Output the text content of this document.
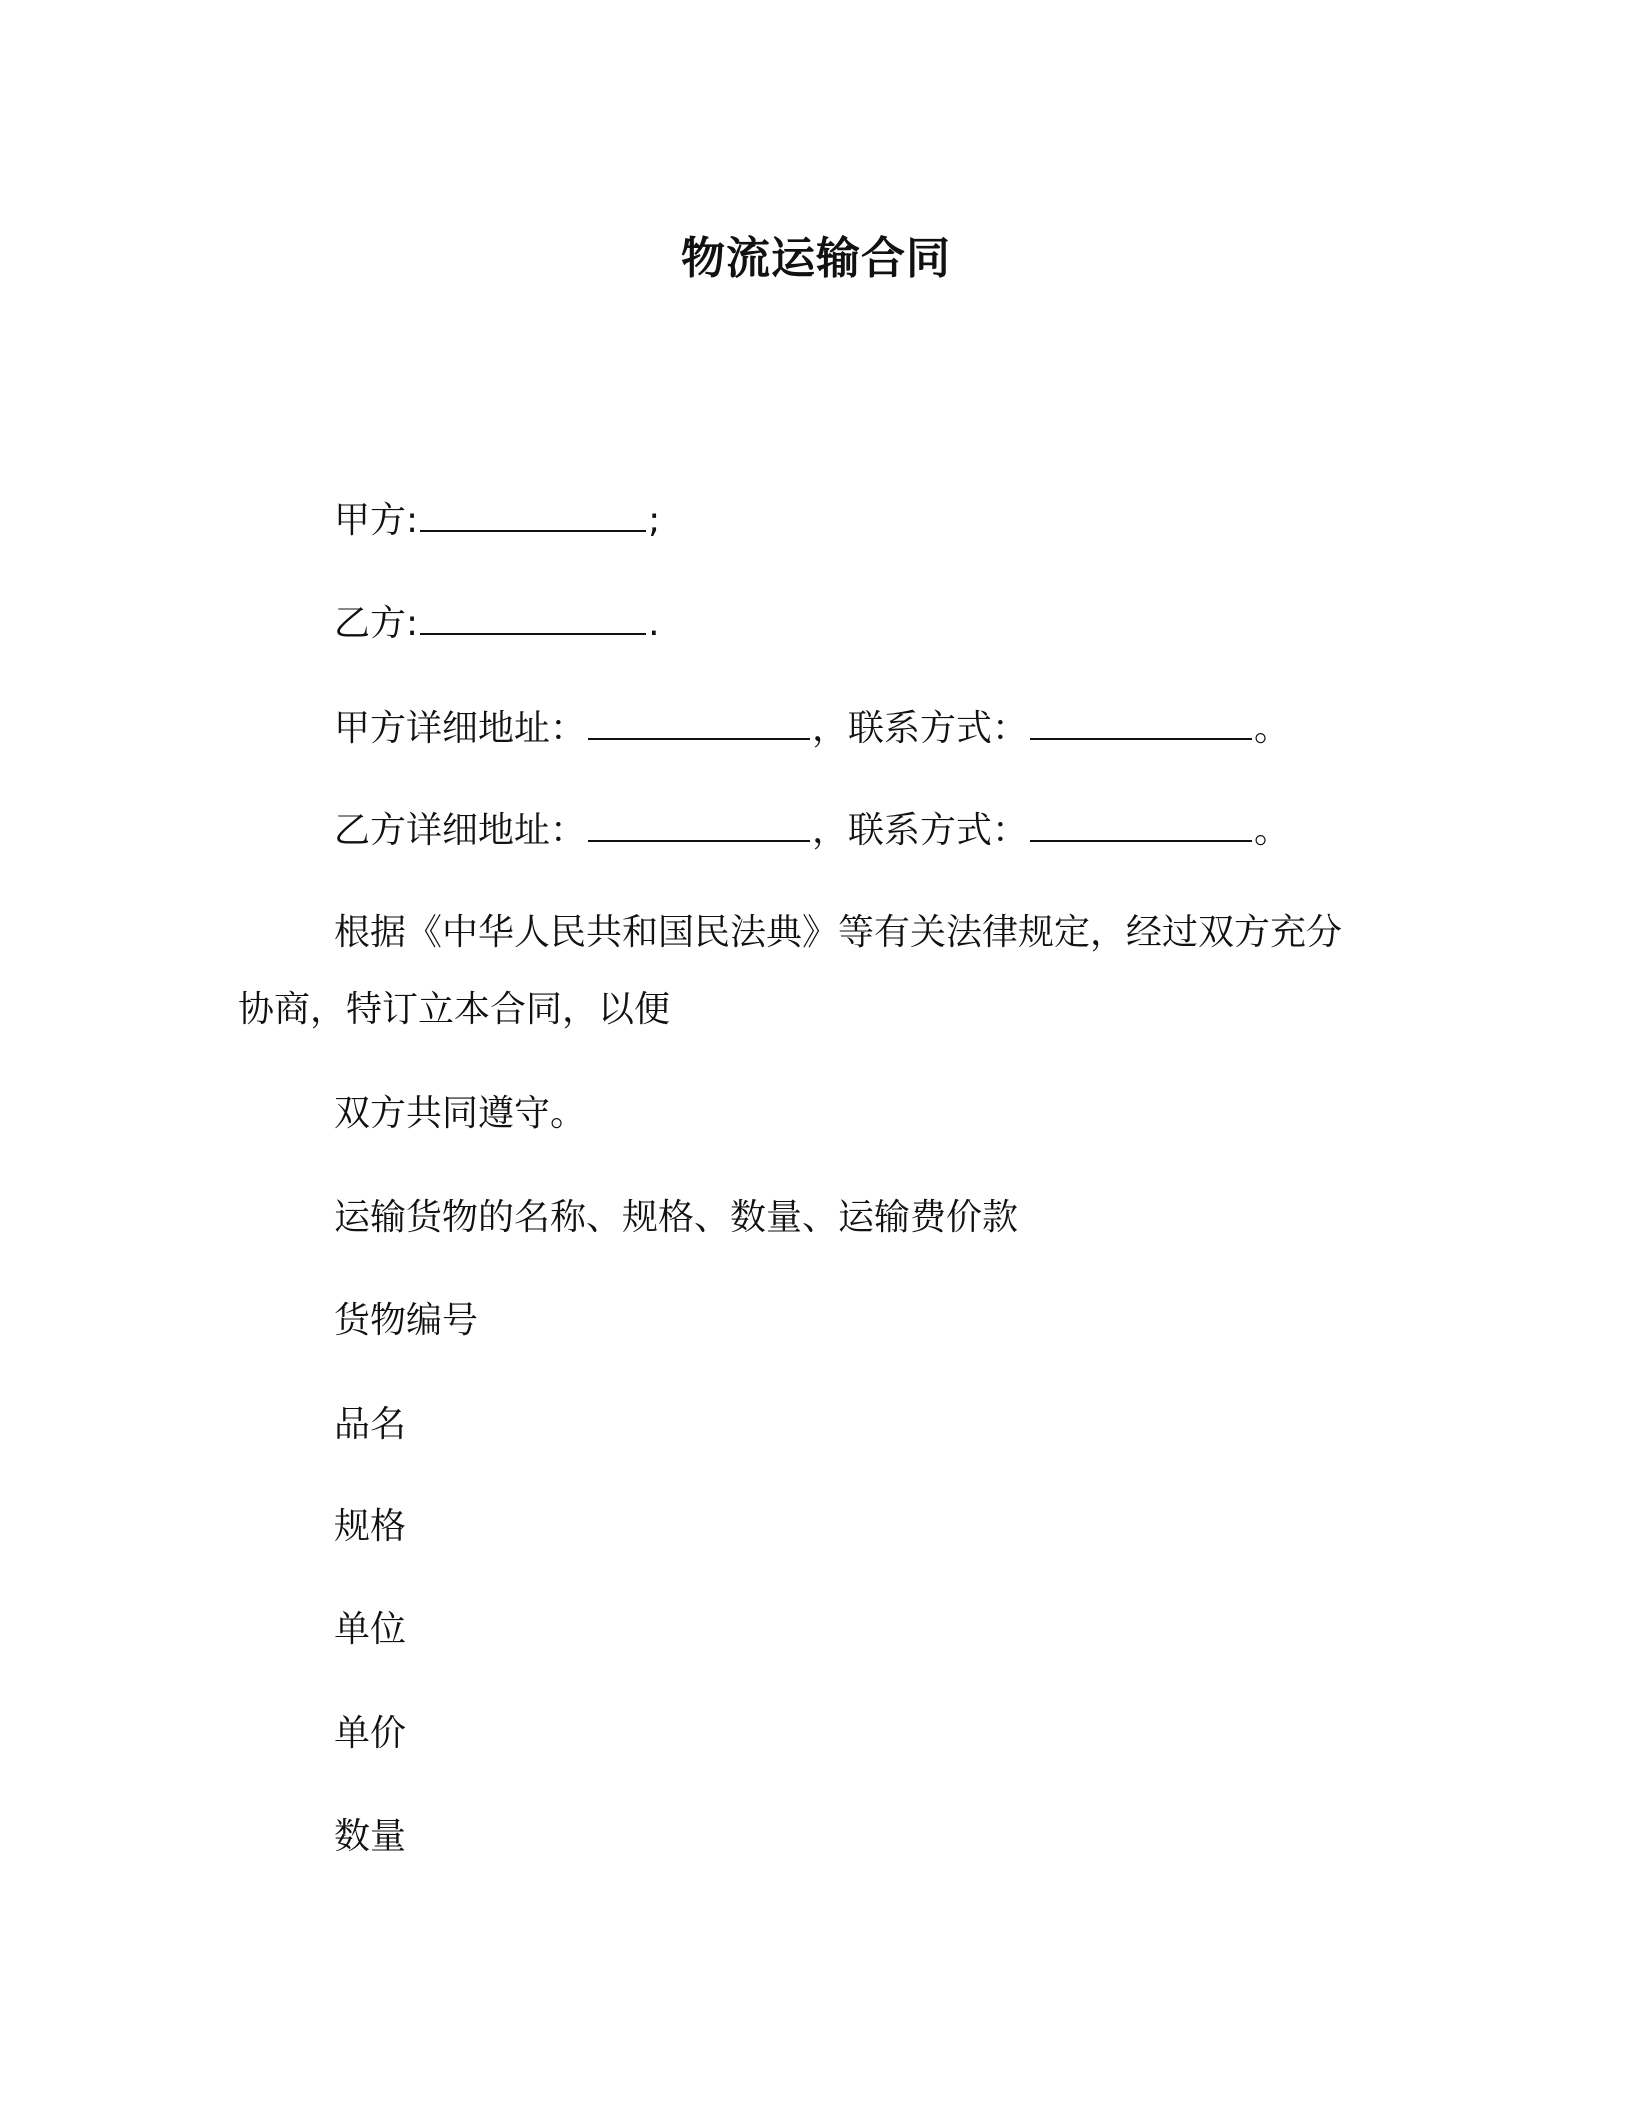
物流运输合同
甲方:	;
乙方:	.
甲方详细地址：	，联系方式：	。
乙方详细地址：	，联系方式：	。
根据《中华人民共和国民法典》等有关法律规定，经过双方充分
协商，特订立本合同，以便
双方共同遵守。
运输货物的名称、规格、数量、运输费价款
货物编号
品名
规格
单位
单价
数量
